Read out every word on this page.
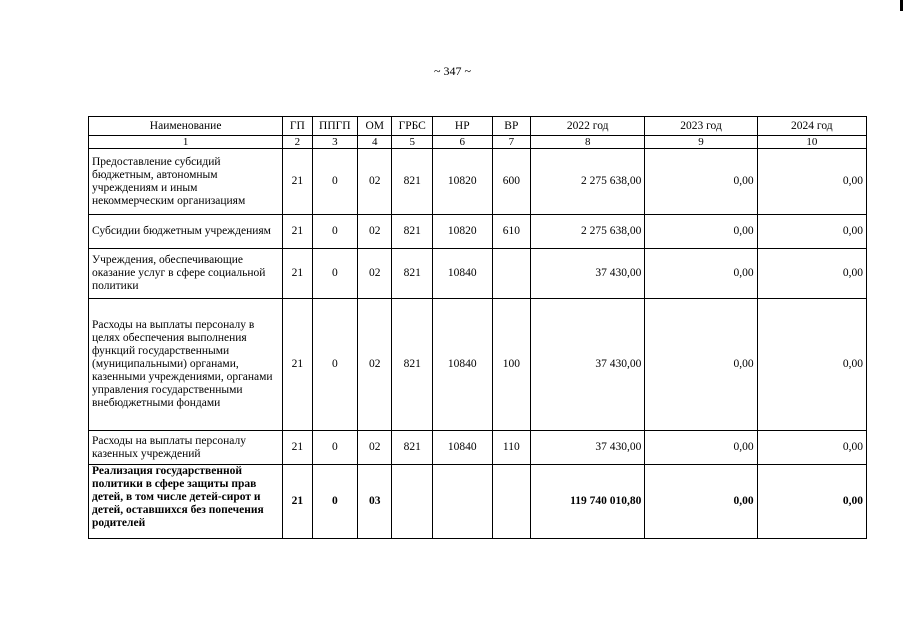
~ 347 ~
Наименование	ГП	ППГП	ОМ	ГРБС	НР	ВР	2022 год	2023 год	2024 год
1	2	3	4	5	6	7	8	9	10
Предоставление субсидий бюджетным, автономным учреждениям и иным некоммерческим организациям	21	0	02	821	10820	600	2 275 638,00	0,00	0,00
Субсидии бюджетным учреждениям	21	0	02	821	10820	610	2 275 638,00	0,00	0,00
Учреждения, обеспечивающие оказание услуг в сфере социальной политики	21	0	02	821	10840		37 430,00	0,00	0,00
Расходы на выплаты персоналу в целях обеспечения выполнения функций государственными (муниципальными) органами, казенными учреждениями, органами управления государственными внебюджетными фондами	21	0	02	821	10840	100	37 430,00	0,00	0,00
Расходы на выплаты персоналу казенных учреждений	21	0	02	821	10840	110	37 430,00	0,00	0,00
Реализация государственной политики в сфере защиты прав детей, в том числе детей-сирот и детей, оставшихся без попечения родителей	21	0	03				119 740 010,80	0,00	0,00
